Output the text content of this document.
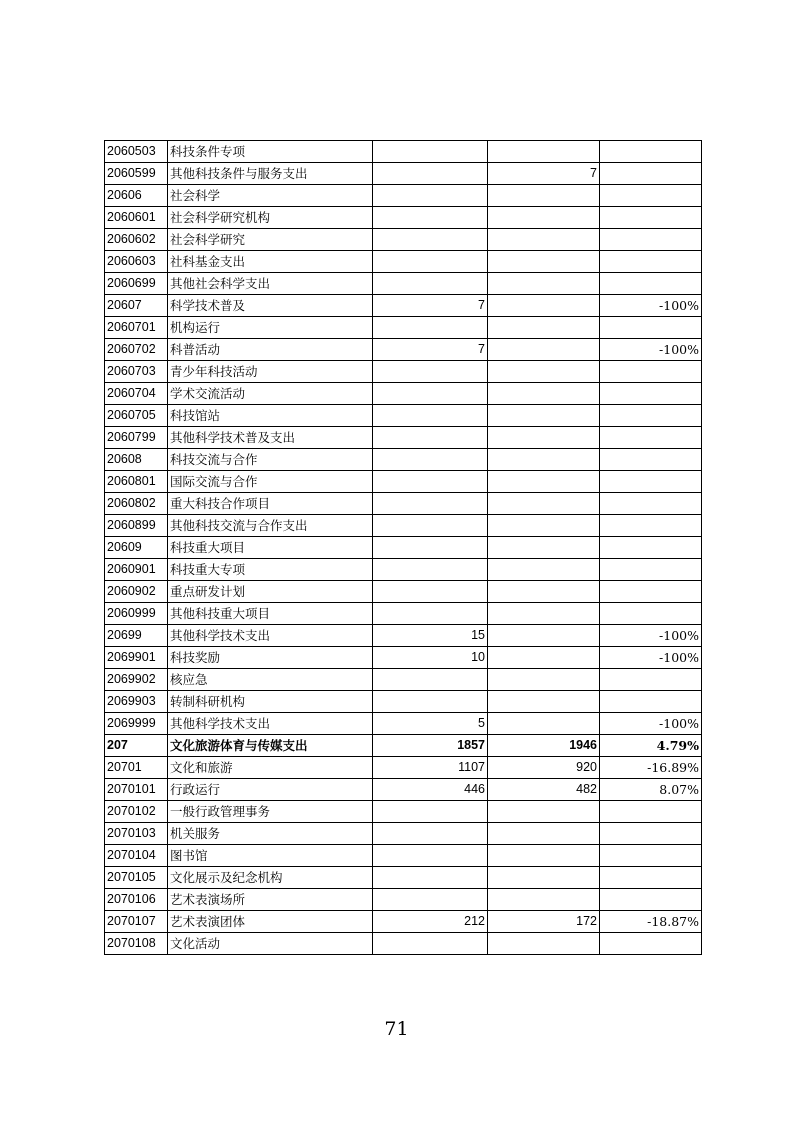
2060503	科技条件专项			
2060599	其他科技条件与服务支出		7	
20606	社会科学			
2060601	社会科学研究机构			
2060602	社会科学研究			
2060603	社科基金支出			
2060699	其他社会科学支出			
20607	科学技术普及	7		-100%
2060701	机构运行			
2060702	科普活动	7		-100%
2060703	青少年科技活动			
2060704	学术交流活动			
2060705	科技馆站			
2060799	其他科学技术普及支出			
20608	科技交流与合作			
2060801	国际交流与合作			
2060802	重大科技合作项目			
2060899	其他科技交流与合作支出			
20609	科技重大项目			
2060901	科技重大专项			
2060902	重点研发计划			
2060999	其他科技重大项目			
20699	其他科学技术支出	15		-100%
2069901	科技奖励	10		-100%
2069902	核应急			
2069903	转制科研机构			
2069999	其他科学技术支出	5		-100%
207	文化旅游体育与传媒支出	1857	1946	4.79%
20701	文化和旅游	1107	920	-16.89%
2070101	行政运行	446	482	8.07%
2070102	一般行政管理事务			
2070103	机关服务			
2070104	图书馆			
2070105	文化展示及纪念机构			
2070106	艺术表演场所			
2070107	艺术表演团体	212	172	-18.87%
2070108	文化活动			
71
